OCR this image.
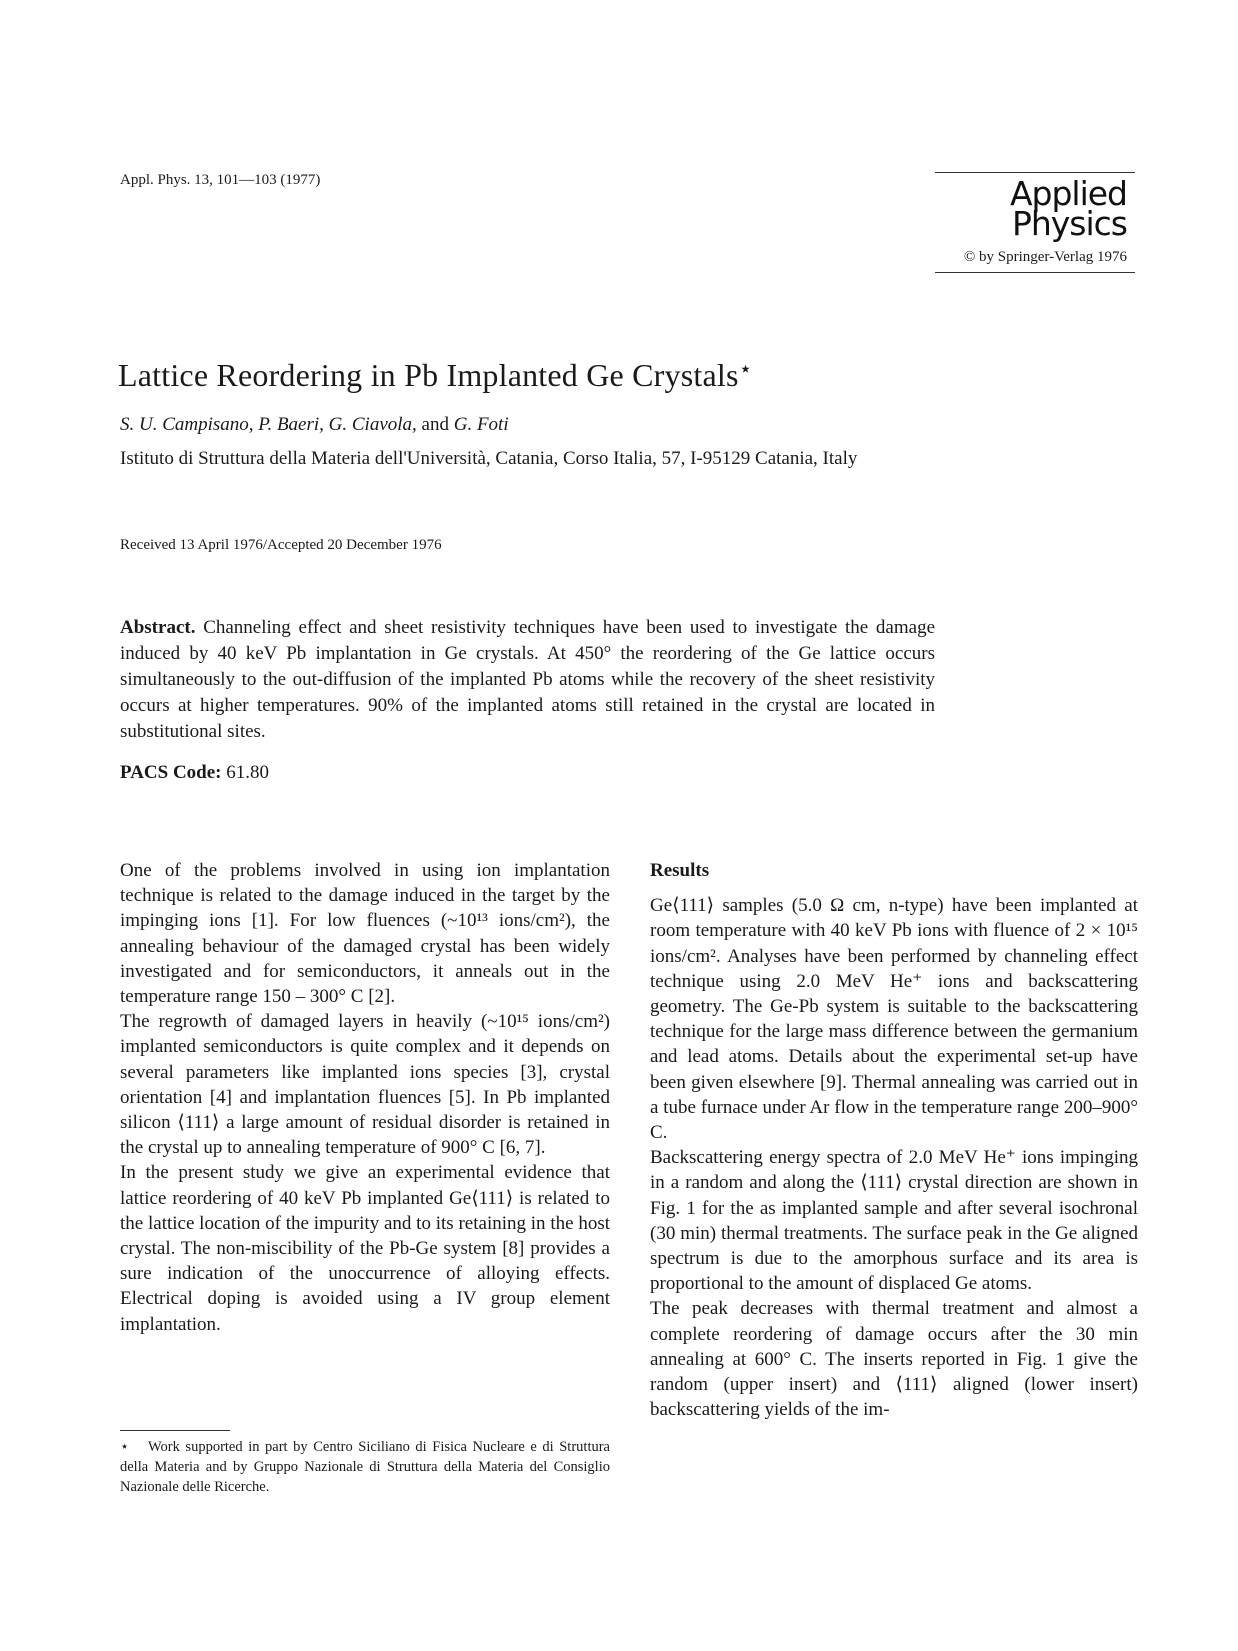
Appl. Phys. 13, 101—103 (1977)	Applied
Physics
© by Springer-Verlag 1976
Lattice Reordering in Pb Implanted Ge Crystals⋆
S. U. Campisano, P. Baeri, G. Ciavola, and G. Foti
Istituto di Struttura della Materia dell'Università, Catania, Corso Italia, 57, I-95129 Catania, Italy
Received 13 April 1976/Accepted 20 December 1976
Abstract. Channeling effect and sheet resistivity techniques have been used to investigate the damage induced by 40 keV Pb implantation in Ge crystals. At 450° the reordering of the Ge lattice occurs simultaneously to the out-diffusion of the implanted Pb atoms while the recovery of the sheet resistivity occurs at higher temperatures. 90% of the implanted atoms still retained in the crystal are located in substitutional sites.
PACS Code: 61.80

One of the problems involved in using ion implantation technique is related to the damage induced in the target by the impinging ions [1]. For low fluences (~10¹³ ions/cm²), the annealing behaviour of the damaged crystal has been widely investigated and for semiconductors, it anneals out in the temperature range 150 – 300° C [2].

The regrowth of damaged layers in heavily (~10¹⁵ ions/cm²) implanted semiconductors is quite complex and it depends on several parameters like implanted ions species [3], crystal orientation [4] and implantation fluences [5]. In Pb implanted silicon ⟨111⟩ a large amount of residual disorder is retained in the crystal up to annealing temperature of 900° C [6, 7].

In the present study we give an experimental evidence that lattice reordering of 40 keV Pb implanted Ge⟨111⟩ is related to the lattice location of the impurity and to its retaining in the host crystal. The non-miscibility of the Pb-Ge system [8] provides a sure indication of the unoccurrence of alloying effects. Electrical doping is avoided using a IV group element implantation.

⋆ Work supported in part by Centro Siciliano di Fisica Nucleare e di Struttura della Materia and by Gruppo Nazionale di Struttura della Materia del Consiglio Nazionale delle Ricerche.

Results

Ge⟨111⟩ samples (5.0 Ω cm, n-type) have been implanted at room temperature with 40 keV Pb ions with fluence of 2 × 10¹⁵ ions/cm². Analyses have been performed by channeling effect technique using 2.0 MeV He⁺ ions and backscattering geometry. The Ge-Pb system is suitable to the backscattering technique for the large mass difference between the germanium and lead atoms. Details about the experimental set-up have been given elsewhere [9]. Thermal annealing was carried out in a tube furnace under Ar flow in the temperature range 200–900° C.

Backscattering energy spectra of 2.0 MeV He⁺ ions impinging in a random and along the ⟨111⟩ crystal direction are shown in Fig. 1 for the as implanted sample and after several isochronal (30 min) thermal treatments. The surface peak in the Ge aligned spectrum is due to the amorphous surface and its area is proportional to the amount of displaced Ge atoms.

The peak decreases with thermal treatment and almost a complete reordering of damage occurs after the 30 min annealing at 600° C. The inserts reported in Fig. 1 give the random (upper insert) and ⟨111⟩ aligned (lower insert) backscattering yields of the im-
